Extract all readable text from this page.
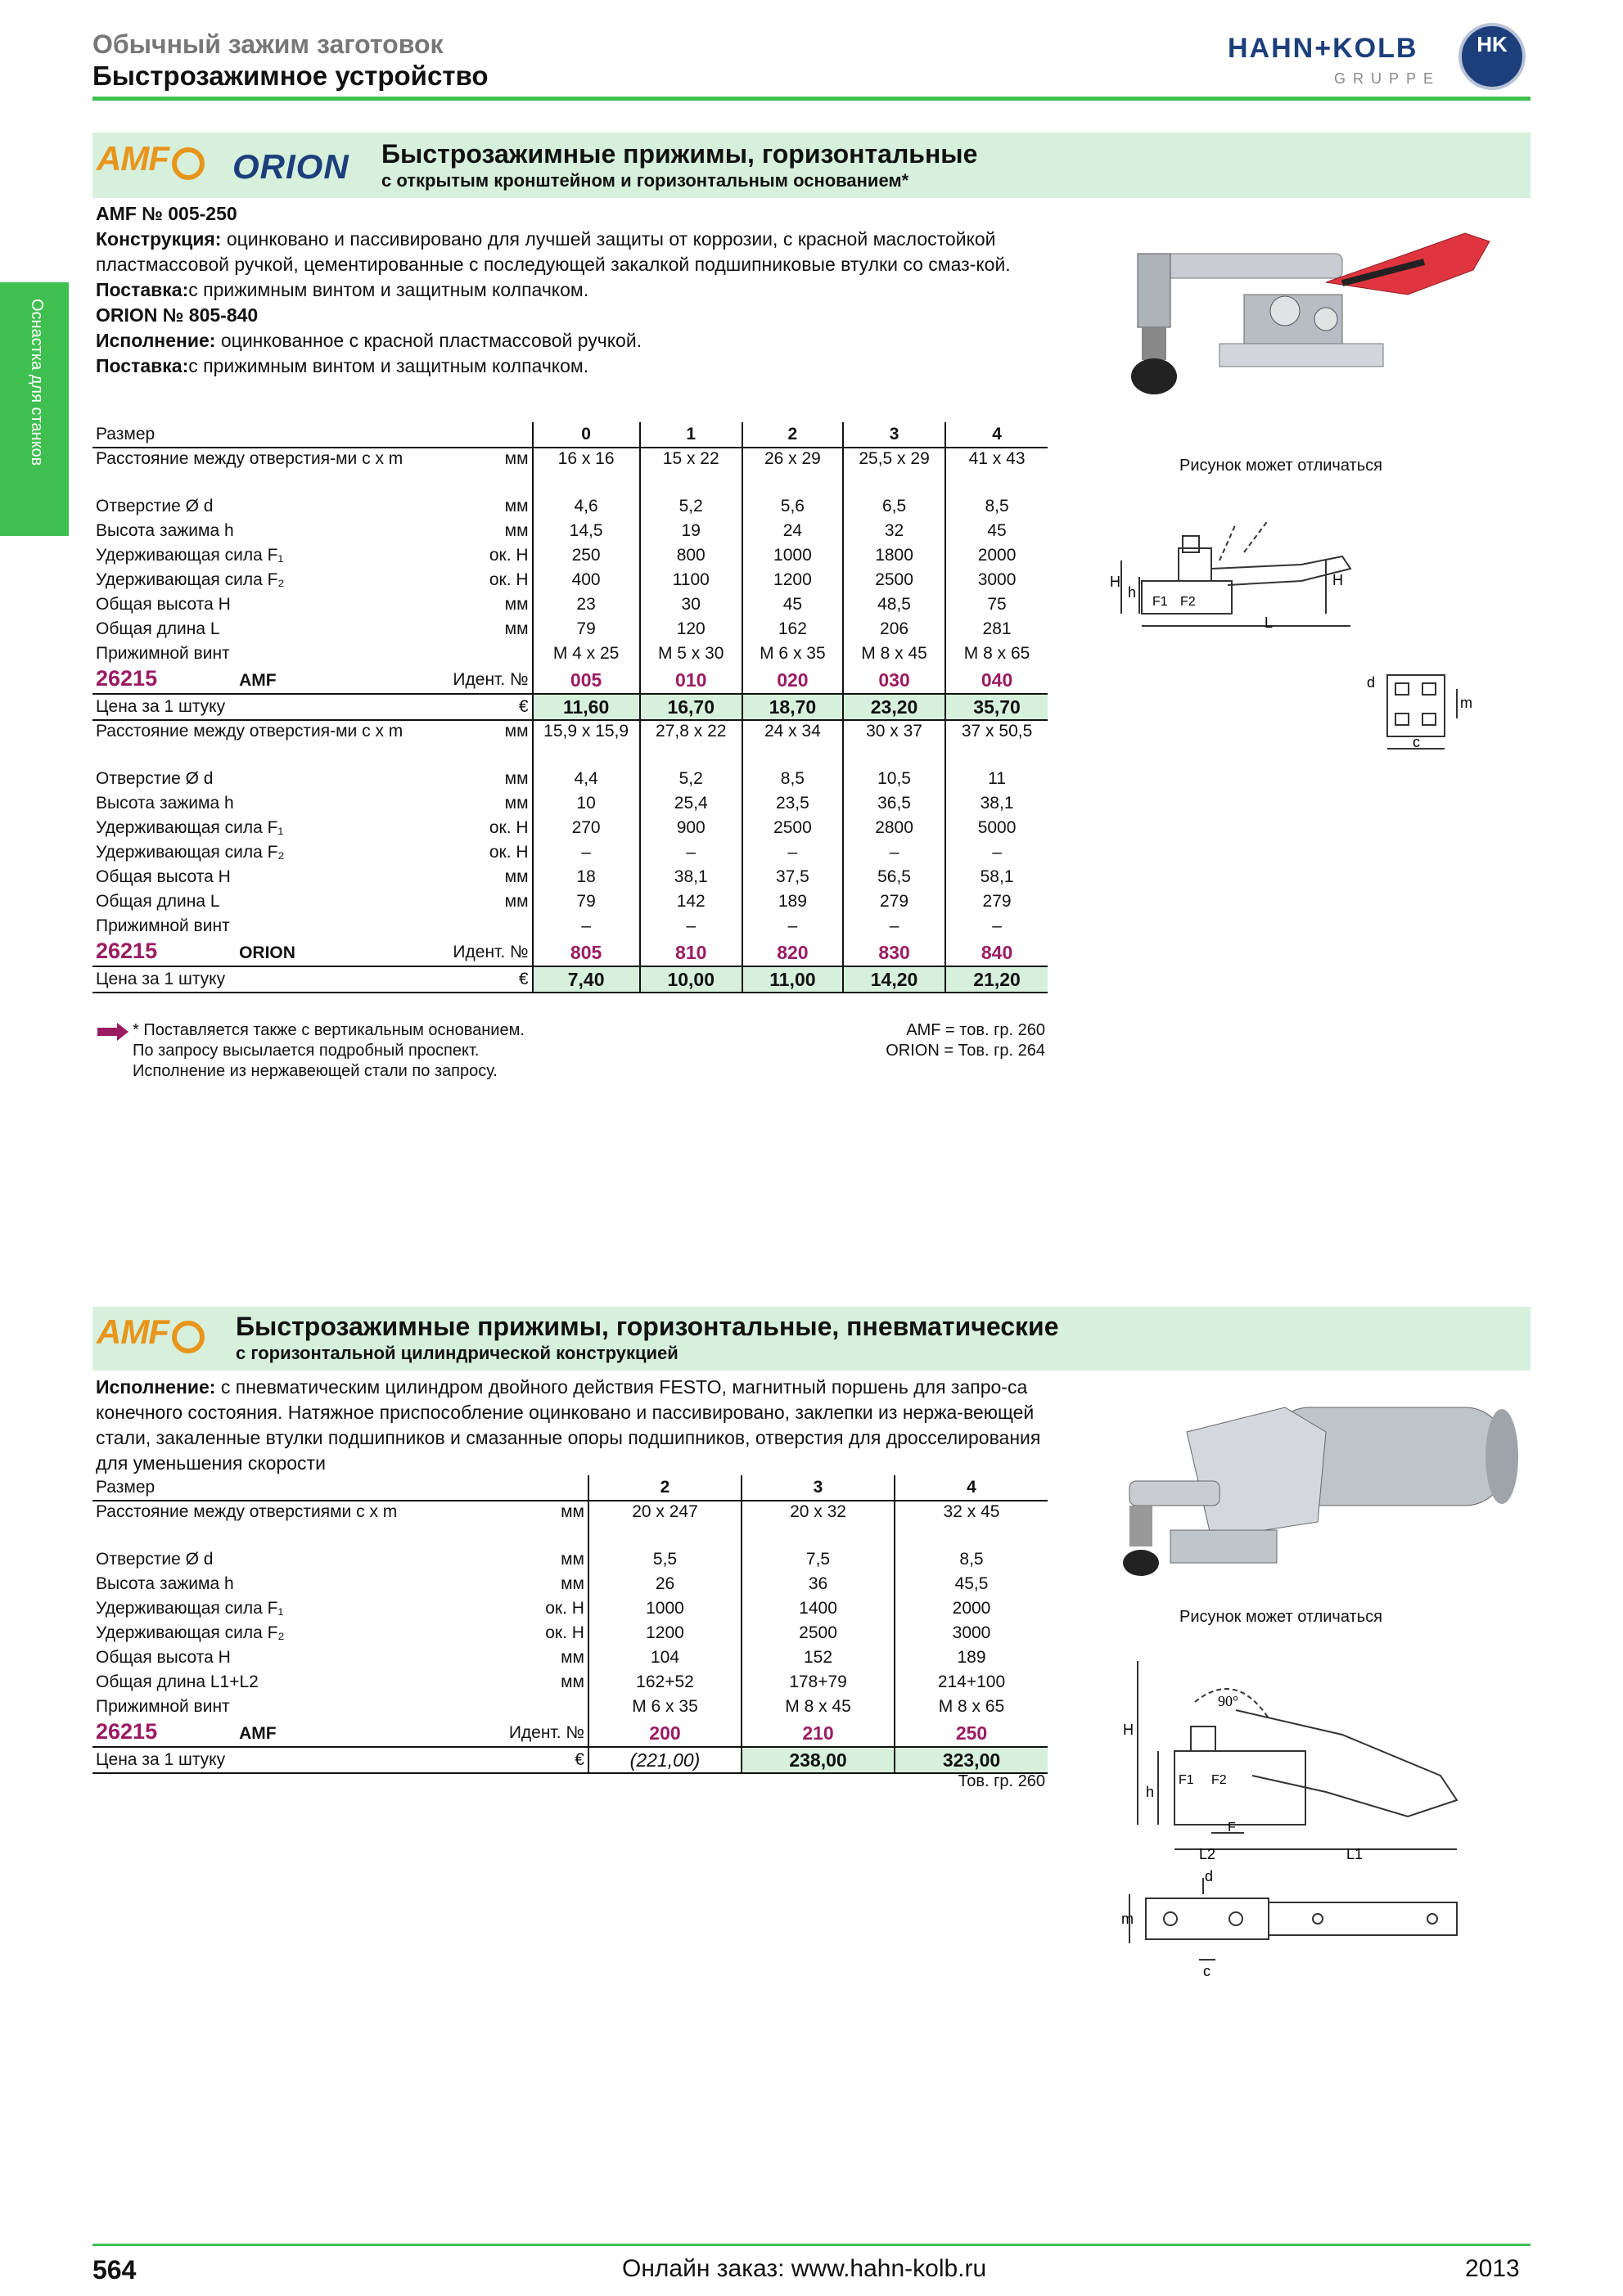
Обычный зажим заготовок
Быстрозажимное устройство
HAHN+KOLB
GRUPPE
HK
Оснастка для станков
AMF	ORION Быстрозажимные прижимы, горизонтальные
с открытым кронштейном и горизонтальным основанием*
AMF № 005-250
Конструкция: оцинковано и пассивировано для лучшей защиты от коррозии, с красной маслостойкой пластмассовой ручкой, цементированные с последующей закалкой подшипниковые втулки со смаз-кой.
Поставка:с прижимным винтом и защитным колпачком.
ORION № 805-840
Исполнение: оцинкованное с красной пластмассовой ручкой.
Поставка:с прижимным винтом и защитным колпачком.
Рисунок может отличаться
H
h
F1 F2
H
L
d
m
c
Размер		0	1	2	3	4
Расстояние между отверстия-ми с х m	мм	16 x 16	15 x 22	26 x 29	25,5 x 29	41 x 43
Отверстие Ø d	мм	4,6	5,2	5,6	6,5	8,5
Высота зажима h	мм	14,5	19	24	32	45
Удерживающая сила F₁	ок. Н	250	800	1000	1800	2000
Удерживающая сила F₂	ок. Н	400	1100	1200	2500	3000
Общая высота H	мм	23	30	45	48,5	75
Общая длина L	мм	79	120	162	206	281
Прижимной винт		M 4 x 25	M 5 x 30	M 6 x 35	M 8 x 45	M 8 x 65
26215 AMF	Идент. №	005	010	020	030	040
Цена за 1 штуку	€	11,60	16,70	18,70	23,20	35,70
Расстояние между отверстия-ми с х m	мм	15,9 x 15,9	27,8 x 22	24 x 34	30 x 37	37 x 50,5
Отверстие Ø d	мм	4,4	5,2	8,5	10,5	11
Высота зажима h	мм	10	25,4	23,5	36,5	38,1
Удерживающая сила F₁	ок. Н	270	900	2500	2800	5000
Удерживающая сила F₂	ок. Н	–	–	–	–	–
Общая высота H	мм	18	38,1	37,5	56,5	58,1
Общая длина L	мм	79	142	189	279	279
Прижимной винт		–	–	–	–	–
26215 ORION	Идент. №	805	810	820	830	840
Цена за 1 штуку	€	7,40	10,00	11,00	14,20	21,20
* Поставляется также с вертикальным основанием.
По запросу высылается подробный проспект.
Исполнение из нержавеющей стали по запросу.
AMF = тов. гр. 260
ORION = Тов. гр. 264
AMF	Быстрозажимные прижимы, горизонтальные, пневматические
с горизонтальной цилиндрической конструкцией
Исполнение: с пневматическим цилиндром двойного действия FESTO, магнитный поршень для запро-са конечного состояния. Натяжное приспособление оцинковано и пассивировано, заклепки из нержа-веющей стали, закаленные втулки подшипников и смазанные опоры подшипников, отверстия для дросселирования для уменьшения скорости
Рисунок может отличаться
H
h
90°
F1 F2
F
L2	L1
d
m
c
Размер		2	3	4
Расстояние между отверстиями с х m	мм	20 x 247	20 x 32	32 x 45
Отверстие Ø d	мм	5,5	7,5	8,5
Высота зажима h	мм	26	36	45,5
Удерживающая сила F₁	ок. Н	1000	1400	2000
Удерживающая сила F₂	ок. Н	1200	2500	3000
Общая высота H	мм	104	152	189
Общая длина L1+L2	мм	162+52	178+79	214+100
Прижимной винт		M 6 x 35	M 8 x 45	M 8 x 65
26215 AMF	Идент. №	200	210	250
Цена за 1 штуку	€	(221,00)	238,00	323,00
Тов. гр. 260
564	Онлайн заказ: www.hahn-kolb.ru	2013
